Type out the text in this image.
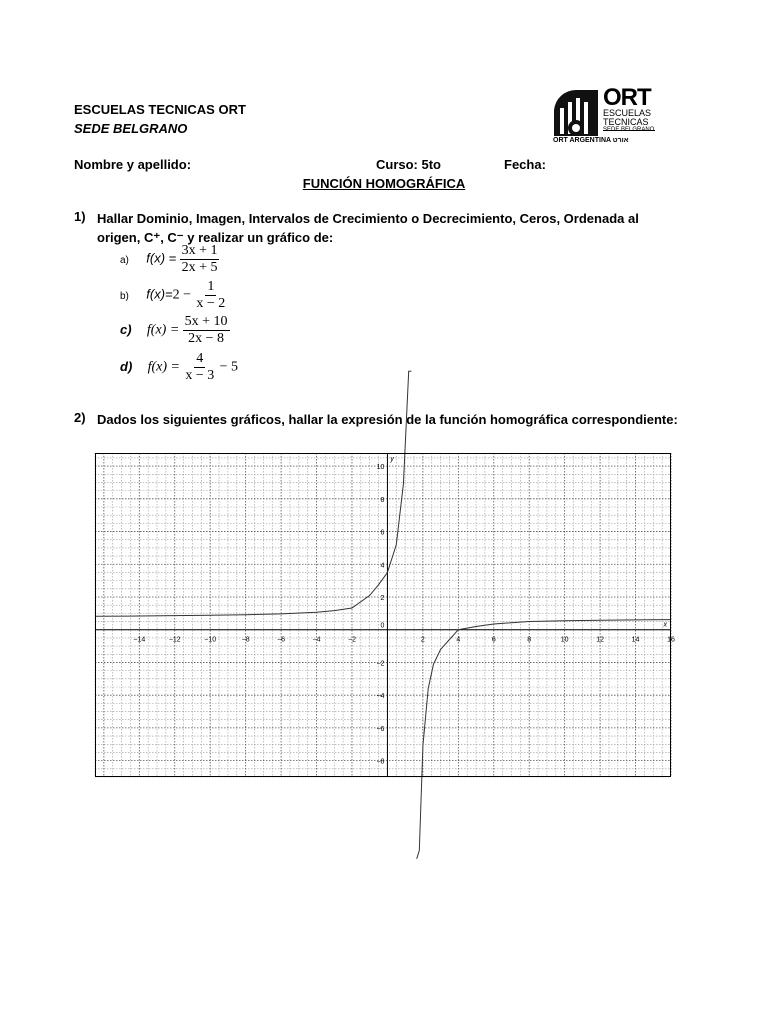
ESCUELAS TECNICAS ORT
SEDE BELGRANO
ORT
ESCUELAS
TECNICAS
ORT ARGENTINA אורט
Nombre y apellido:	Curso: 5to	Fecha:
FUNCIÓN HOMOGRÁFICA
1) Hallar Dominio, Imagen, Intervalos de Crecimiento o Decrecimiento, Ceros, Ordenada al
origen, C⁺, C⁻ y realizar un gráfico de:
a) $f(x) = \frac{3x + 1}{2x + 5}$
b) $f(x)=2 - \frac{1}{x - 2}$
c) $f(x) = \frac{5x + 10}{2x - 8}$
d) $f(x) = \frac{4}{x - 3} - 5$
2) Dados los siguientes gráficos, hallar la expresión de la función homográfica correspondiente:
−14	−12	−10	−8	−6	−4	−2	2	4	6	8	10	12	14	16
10
8
6
4
2
0
−2
−4
−6
−8
x
y
